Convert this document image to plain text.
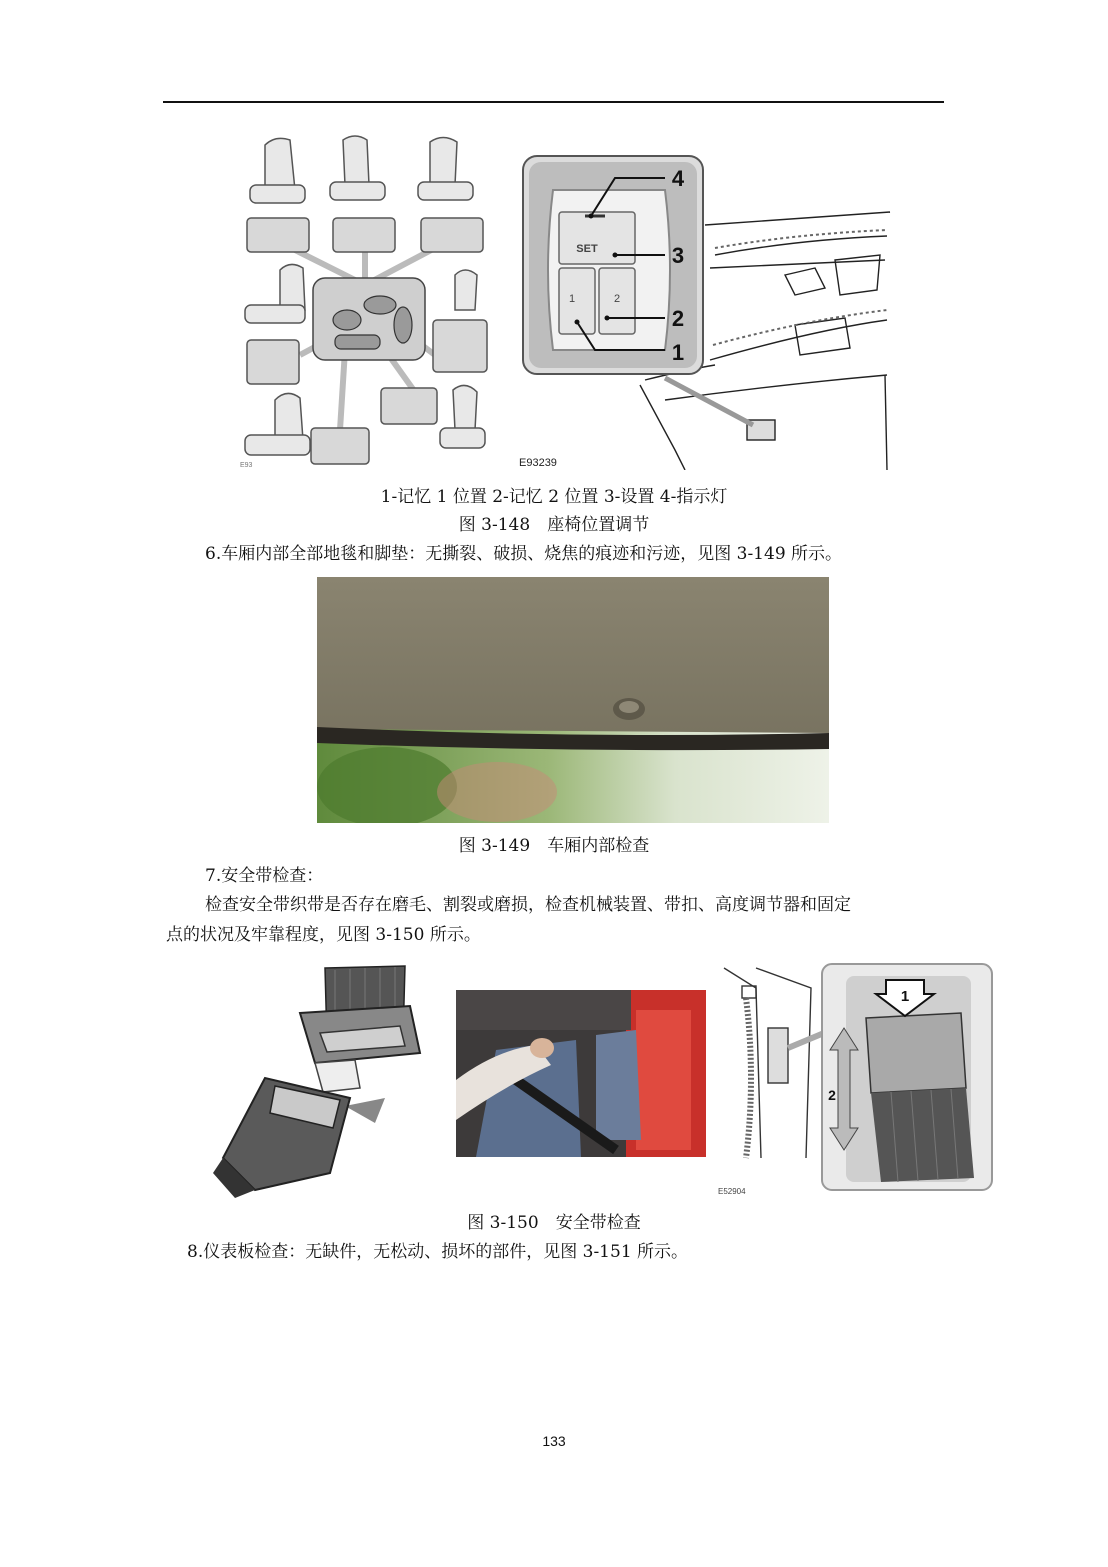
E93
SET
1	2
4
3
2
1
E93239
1-记忆 1 位置 2-记忆 2 位置 3-设置 4-指示灯
图 3-148　座椅位置调节
6.车厢内部全部地毯和脚垫：无撕裂、破损、烧焦的痕迹和污迹，见图 3-149 所示。
图 3-149　车厢内部检查
7.安全带检查：
检查安全带织带是否存在磨毛、割裂或磨损，检查机械装置、带扣、高度调节器和固定
点的状况及牢靠程度，见图 3-150 所示。
E52904
1
2
图 3-150　安全带检查
8.仪表板检查：无缺件，无松动、损坏的部件，见图 3-151 所示。
133
